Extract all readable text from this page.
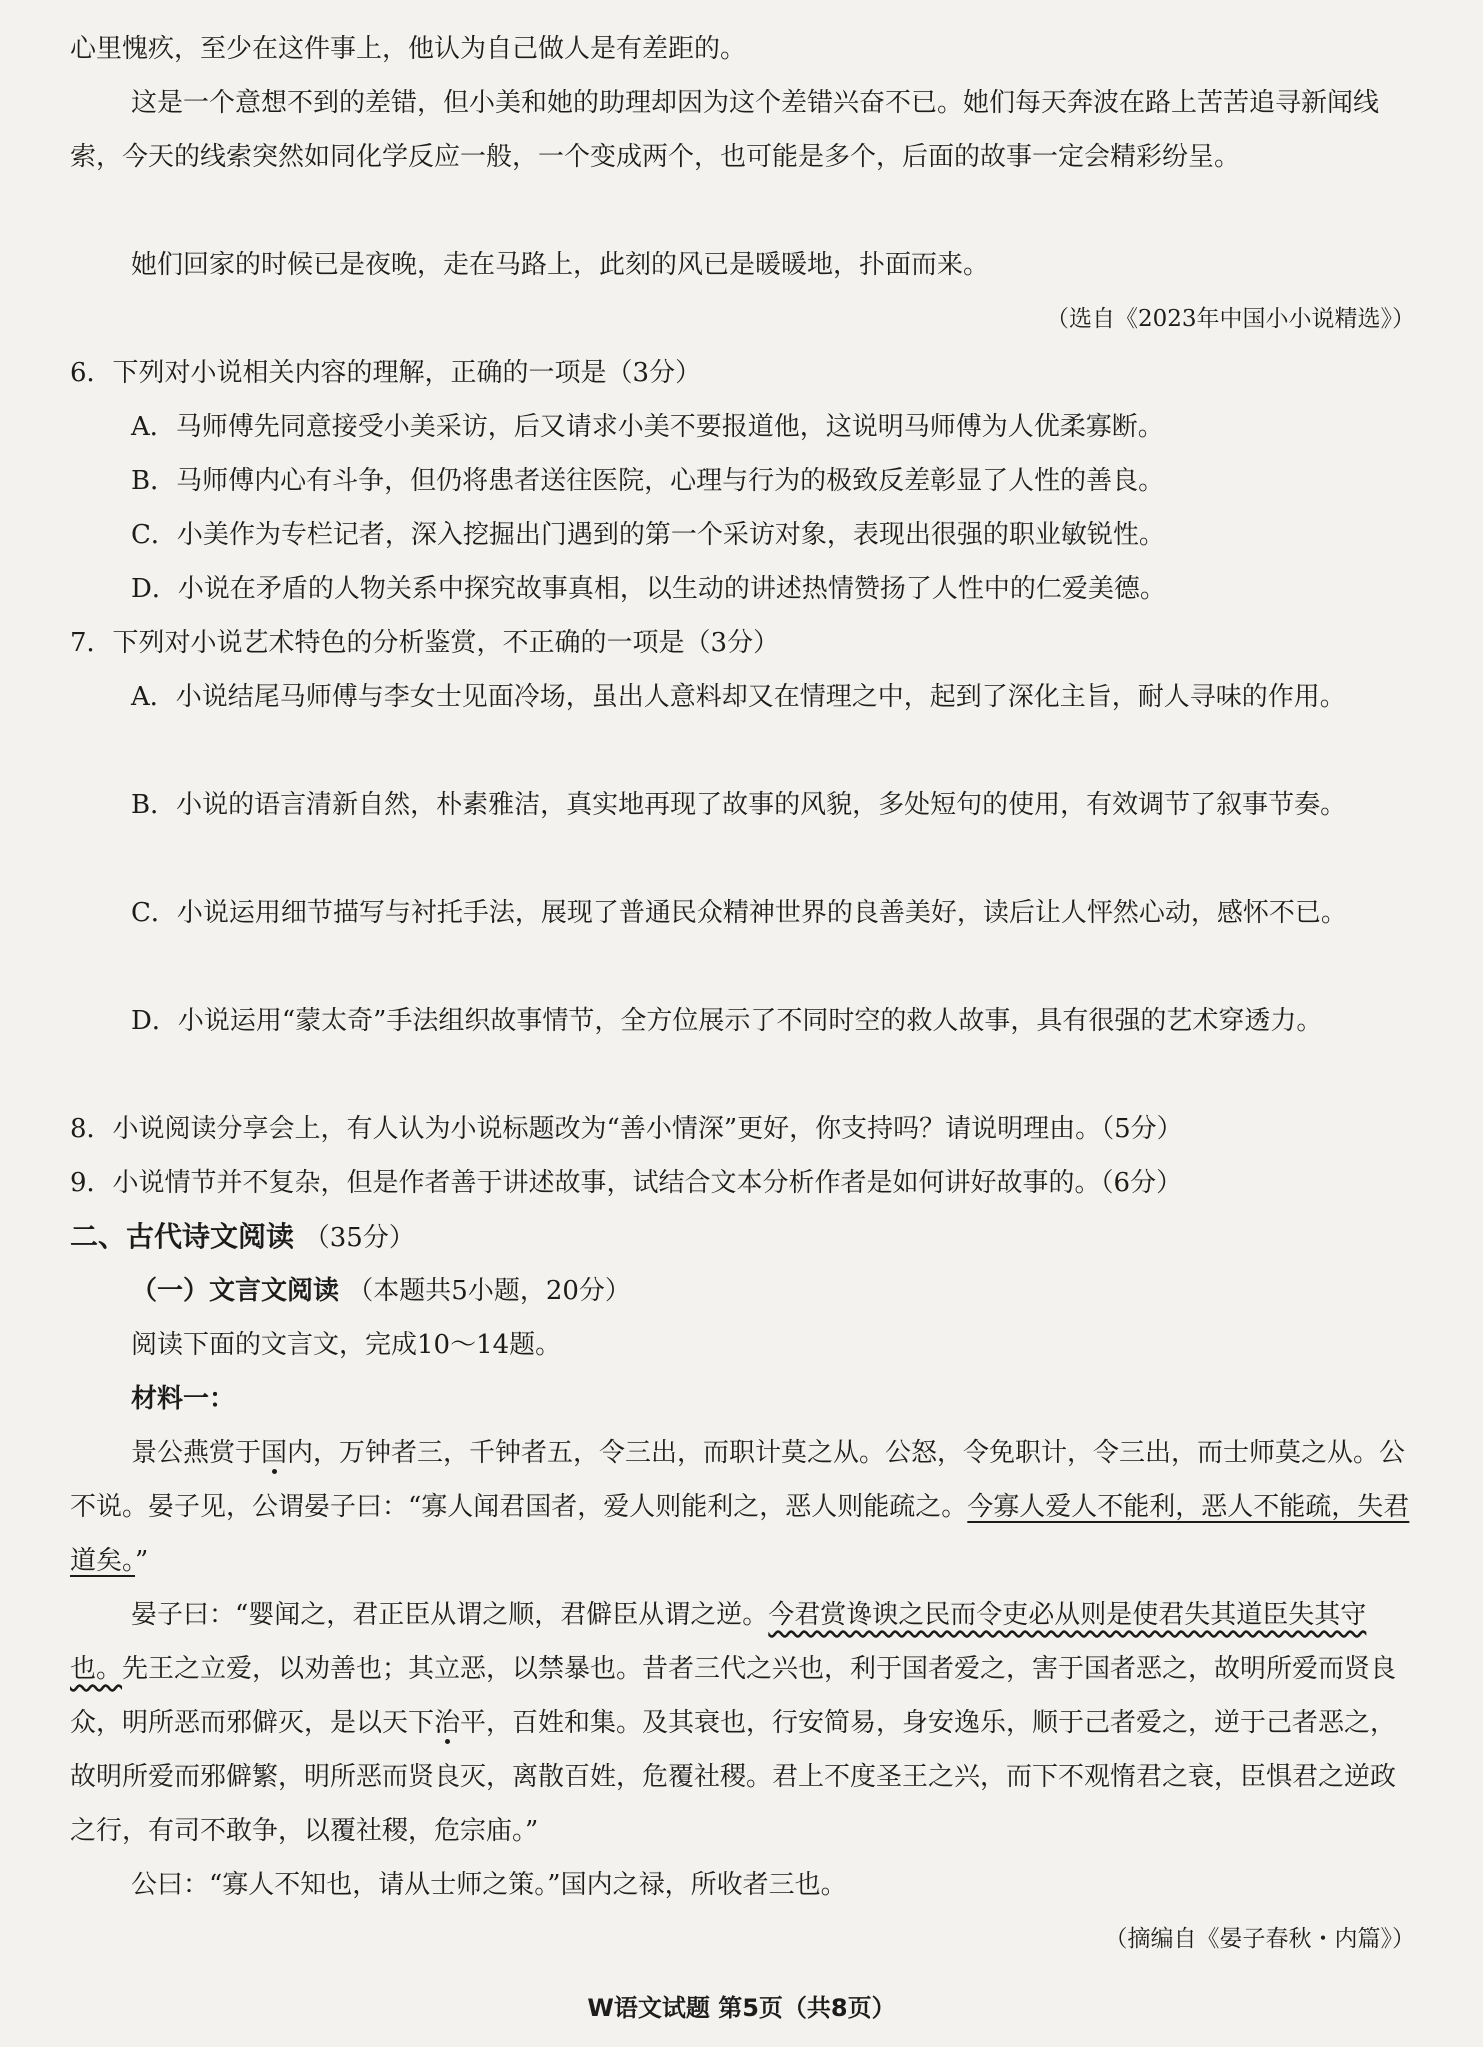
心里愧疚，至少在这件事上，他认为自己做人是有差距的。

这是一个意想不到的差错，但小美和她的助理却因为这个差错兴奋不已。她们每天奔波在路上苦苦追寻新闻线索，今天的线索突然如同化学反应一般，一个变成两个，也可能是多个，后面的故事一定会精彩纷呈。

她们回家的时候已是夜晚，走在马路上，此刻的风已是暖暖地，扑面而来。

（选自《2023年中国小小说精选》）

6．下列对小说相关内容的理解，正确的一项是（3分）

A．马师傅先同意接受小美采访，后又请求小美不要报道他，这说明马师傅为人优柔寡断。

B．马师傅内心有斗争，但仍将患者送往医院，心理与行为的极致反差彰显了人性的善良。

C．小美作为专栏记者，深入挖掘出门遇到的第一个采访对象，表现出很强的职业敏锐性。

D．小说在矛盾的人物关系中探究故事真相，以生动的讲述热情赞扬了人性中的仁爱美德。

7．下列对小说艺术特色的分析鉴赏，不正确的一项是（3分）

A．小说结尾马师傅与李女士见面冷场，虽出人意料却又在情理之中，起到了深化主旨，耐人寻味的作用。

B．小说的语言清新自然，朴素雅洁，真实地再现了故事的风貌，多处短句的使用，有效调节了叙事节奏。

C．小说运用细节描写与衬托手法，展现了普通民众精神世界的良善美好，读后让人怦然心动，感怀不已。

D．小说运用“蒙太奇”手法组织故事情节，全方位展示了不同时空的救人故事，具有很强的艺术穿透力。

8．小说阅读分享会上，有人认为小说标题改为“善小情深”更好，你支持吗？请说明理由。（5分）

9．小说情节并不复杂，但是作者善于讲述故事，试结合文本分析作者是如何讲好故事的。（6分）

二、古代诗文阅读 （35分）

（一）文言文阅读 （本题共5小题，20分）

阅读下面的文言文，完成10～14题。

材料一：

景公燕赏于国内，万钟者三，千钟者五，令三出，而职计莫之从。公怒，令免职计，令三出，而士师莫之从。公不说。晏子见，公谓晏子曰：“寡人闻君国者，爱人则能利之，恶人则能疏之。今寡人爱人不能利，恶人不能疏，失君道矣。”

晏子曰：“婴闻之，君正臣从谓之顺，君僻臣从谓之逆。今君赏谗谀之民而令吏必从则是使君失其道臣失其守也。先王之立爱，以劝善也；其立恶，以禁暴也。昔者三代之兴也，利于国者爱之，害于国者恶之，故明所爱而贤良众，明所恶而邪僻灭，是以天下治平，百姓和集。及其衰也，行安简易，身安逸乐，顺于己者爱之，逆于己者恶之，故明所爱而邪僻繁，明所恶而贤良灭，离散百姓，危覆社稷。君上不度圣王之兴，而下不观惰君之衰，臣惧君之逆政之行，有司不敢争，以覆社稷，危宗庙。”

公曰：“寡人不知也，请从士师之策。”国内之禄，所收者三也。

（摘编自《晏子春秋・内篇》）

W语文试题 第5页（共8页）
